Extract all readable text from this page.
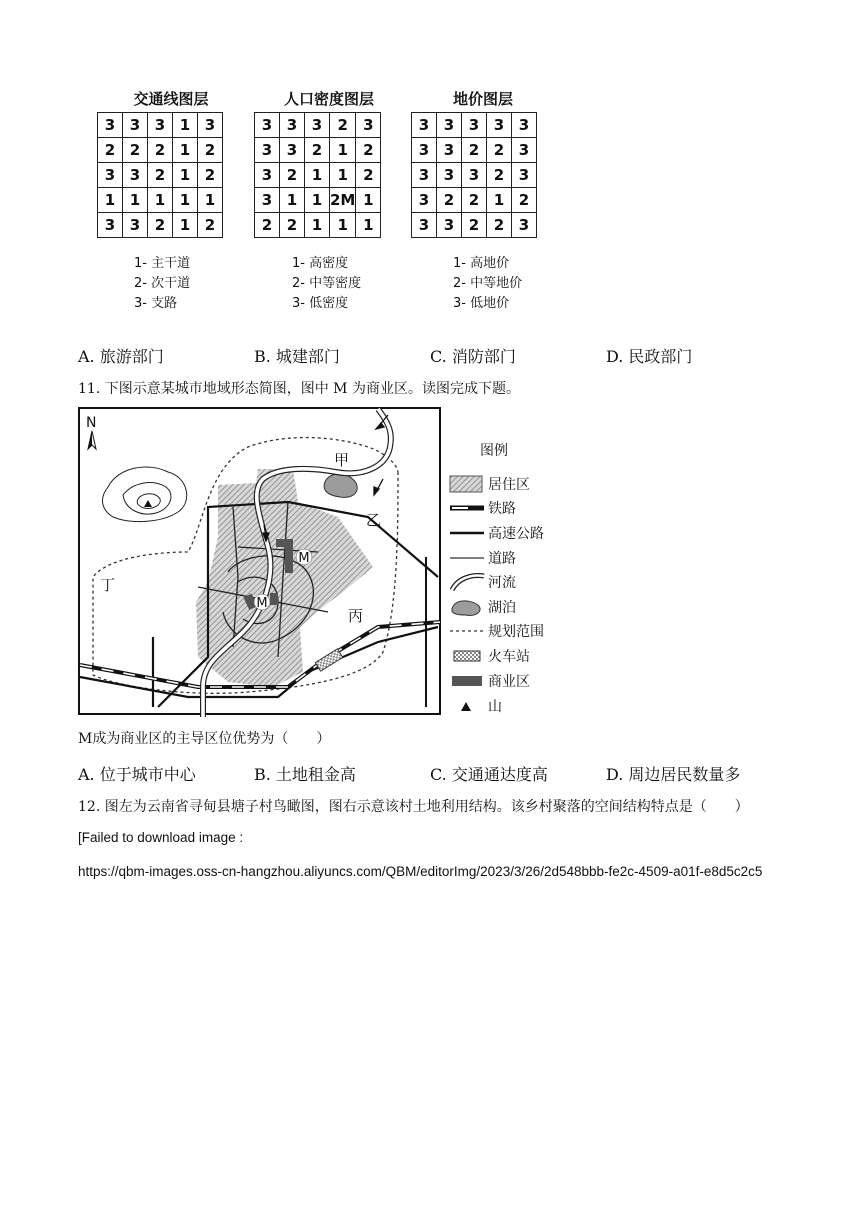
交通线图层	人口密度图层	地价图层
3	3	3	1	3
2	2	2	1	2
3	3	2	1	2
1	1	1	1	1
3	3	2	1	2
3	3	3	2	3
3	3	2	1	2
3	2	1	1	2
3	1	1	2M	1
2	2	1	1	1
3	3	3	3	3
3	3	2	2	3
3	3	3	2	3
3	2	2	1	2
3	3	2	2	3
1- 主干道
2- 次干道
3- 支路
1- 高密度
2- 中等密度
3- 低密度
1- 高地价
2- 中等地价
3- 低地价
A. 旅游部门	B. 城建部门	C. 消防部门	D. 民政部门
11. 下图示意某城市地域形态简图，图中 M 为商业区。读图完成下题。
M
M
N
甲
乙
丙
丁
图例
居住区
铁路
高速公路
道路
河流
湖泊
规划范围
火车站
商业区
山
M成为商业区的主导区位优势为（　　）
A. 位于城市中心	B. 土地租金高	C. 交通通达度高	D. 周边居民数量多
12. 图左为云南省寻甸县塘子村鸟瞰图，图右示意该村土地利用结构。该乡村聚落的空间结构特点是（　　）
[Failed to download image :
https://qbm-images.oss-cn-hangzhou.aliyuncs.com/QBM/editorImg/2023/3/26/2d548bbb-fe2c-4509-a01f-e8d5c2c5
